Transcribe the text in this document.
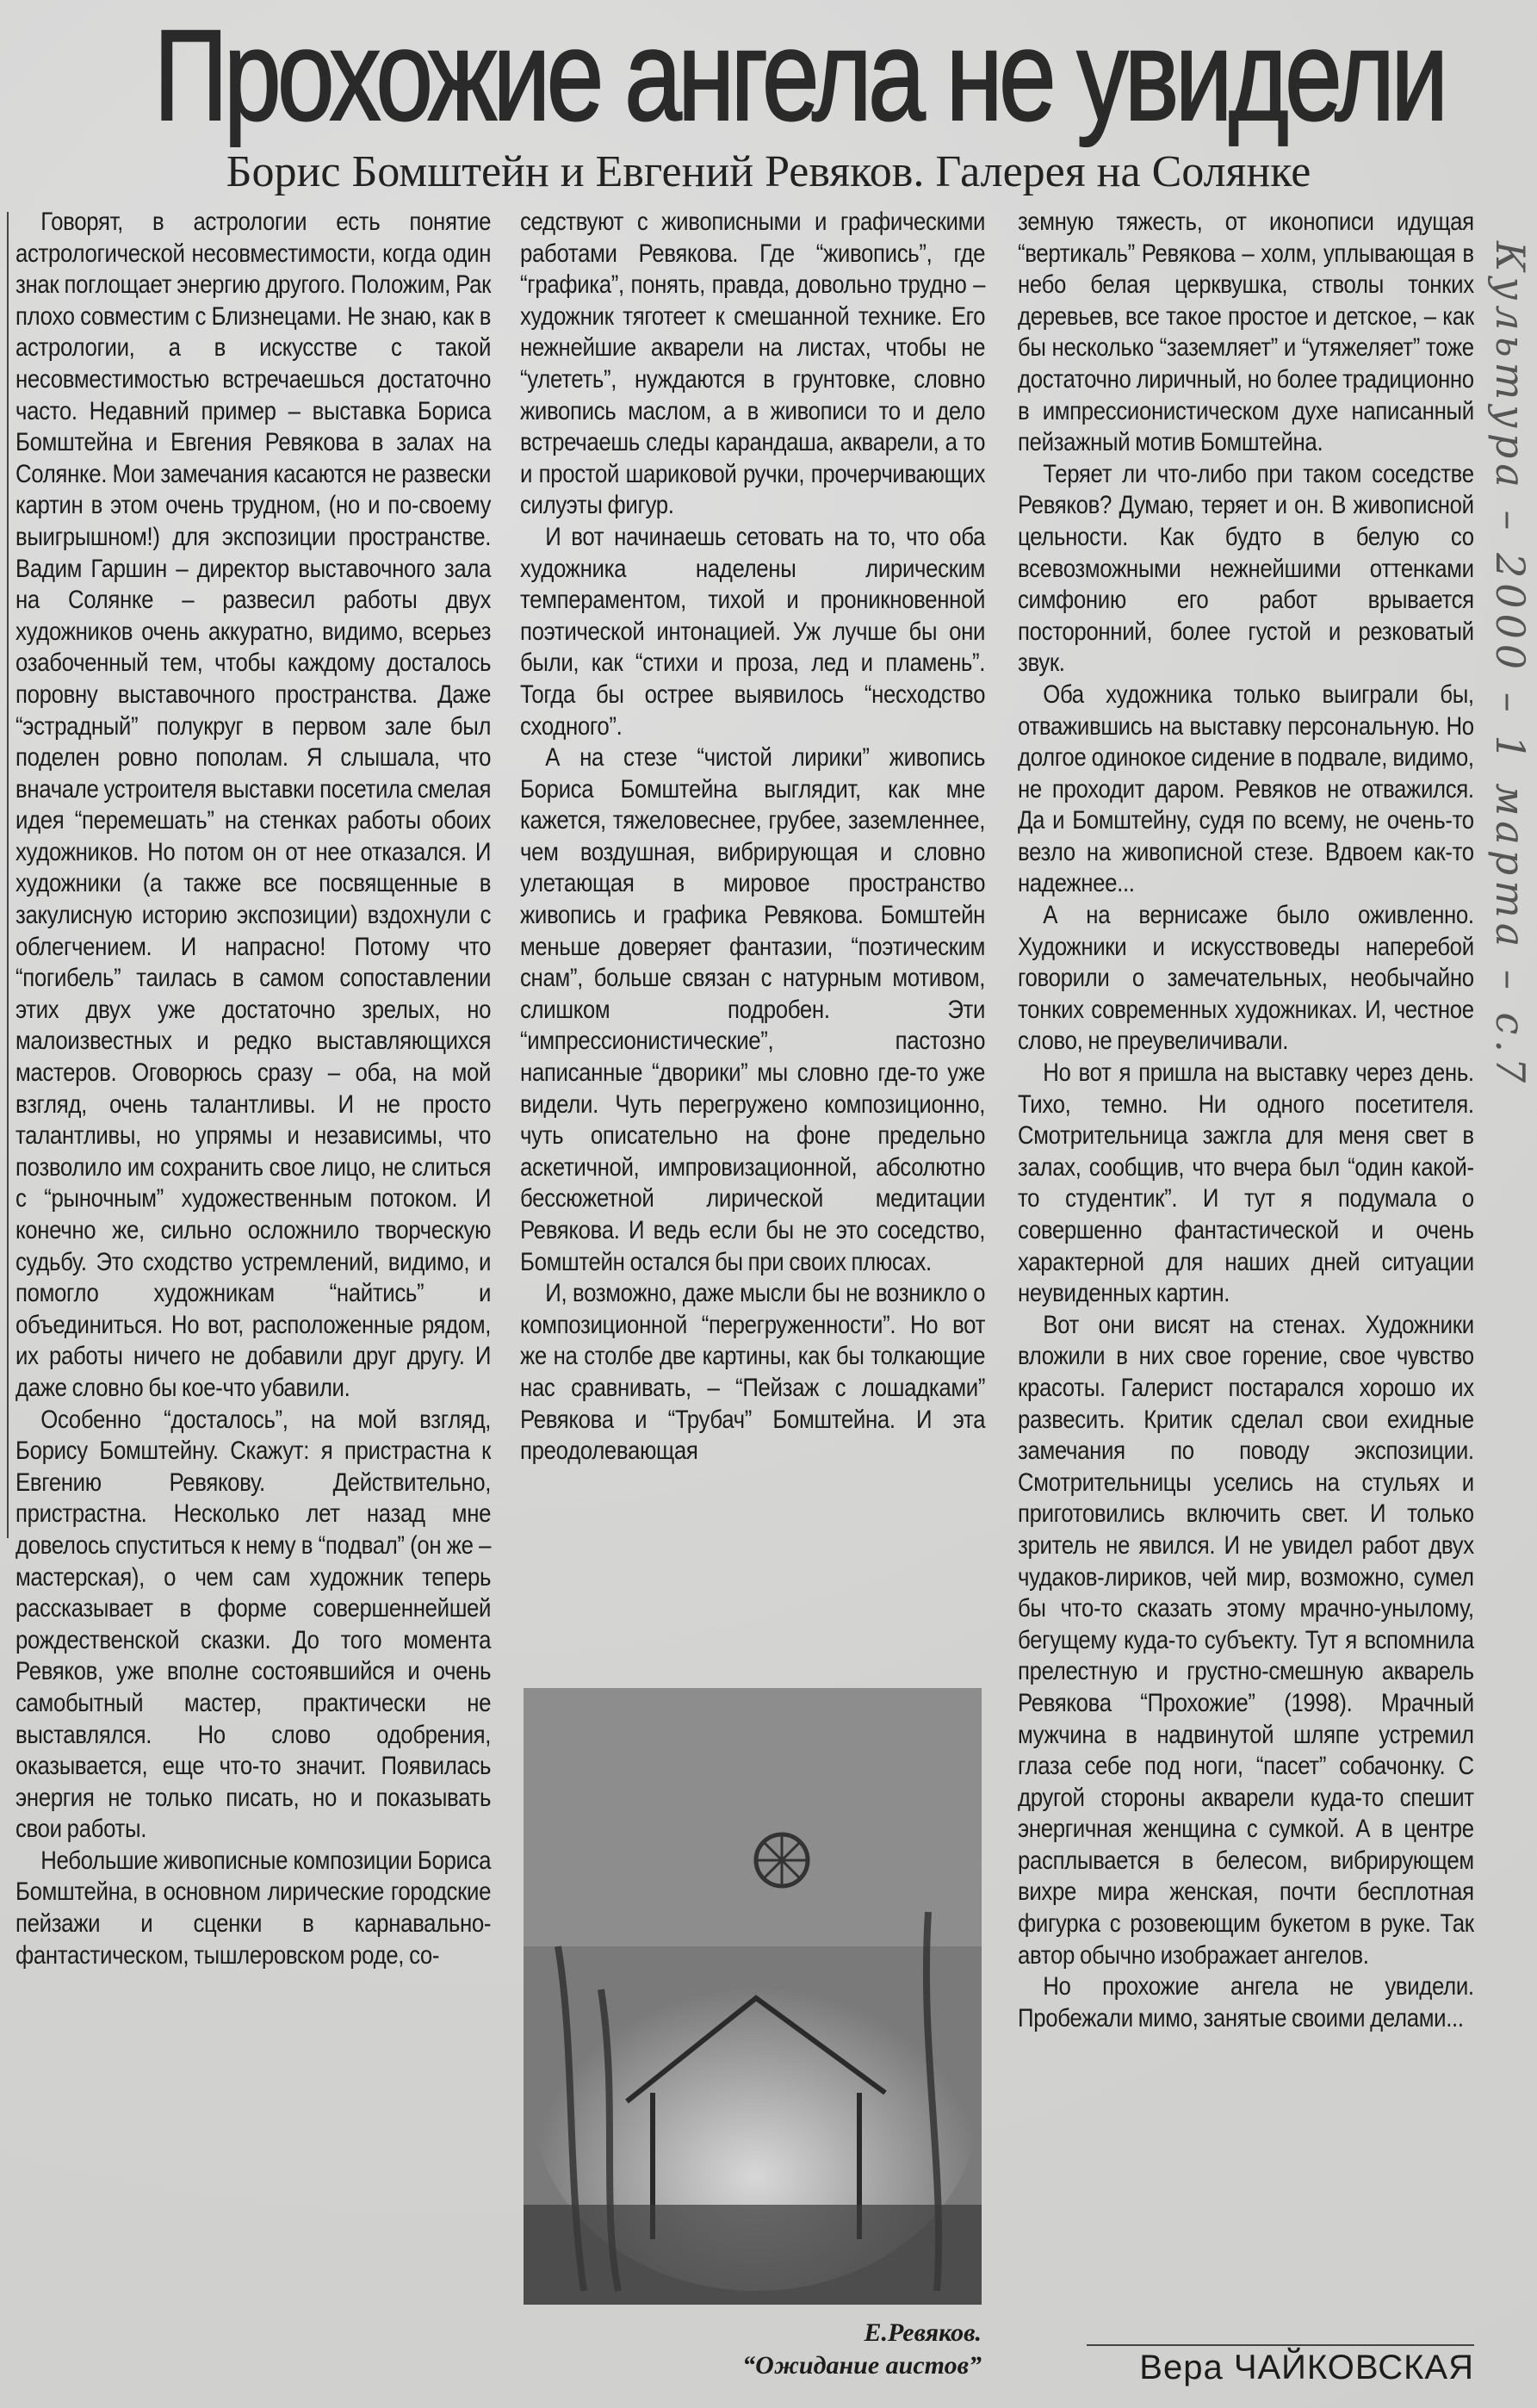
Прохожие ангела не увидели
Борис Бомштейн и Евгений Ревяков. Галерея на Солянке

Говорят, в астрологии есть понятие астрологической несовместимости, когда один знак поглощает энергию другого. Положим, Рак плохо совместим с Близнецами. Не знаю, как в астрологии, а в искусстве с такой несовместимостью встречаешься достаточно часто. Недавний пример – выставка Бориса Бомштейна и Евгения Ревякова в залах на Солянке. Мои замечания касаются не развески картин в этом очень трудном, (но и по-своему выигрышном!) для экспозиции пространстве. Вадим Гаршин – директор выставочного зала на Солянке – развесил работы двух художников очень аккуратно, видимо, всерьез озабоченный тем, чтобы каждому досталось поровну выставочного пространства. Даже “эстрадный” полукруг в первом зале был поделен ровно пополам. Я слышала, что вначале устроителя выставки посетила смелая идея “перемешать” на стенках работы обоих художников. Но потом он от нее отказался. И художники (а также все посвященные в закулисную историю экспозиции) вздохнули с облегчением. И напрасно! Потому что “погибель” таилась в самом сопоставлении этих двух уже достаточно зрелых, но малоизвестных и редко выставляющихся мастеров. Оговорюсь сразу – оба, на мой взгляд, очень талантливы. И не просто талантливы, но упрямы и независимы, что позволило им сохранить свое лицо, не слиться с “рыночным” художественным потоком. И конечно же, сильно осложнило творческую судьбу. Это сходство устремлений, видимо, и помогло художникам “найтись” и объединиться. Но вот, расположенные рядом, их работы ничего не добавили друг другу. И даже словно бы кое-что убавили.

Особенно “досталось”, на мой взгляд, Борису Бомштейну. Скажут: я пристрастна к Евгению Ревякову. Действительно, пристрастна. Несколько лет назад мне довелось спуститься к нему в “подвал” (он же – мастерская), о чем сам художник теперь рассказывает в форме совершеннейшей рождественской сказки. До того момента Ревяков, уже вполне состоявшийся и очень самобытный мастер, практически не выставлялся. Но слово одобрения, оказывается, еще что-то значит. Появилась энергия не только писать, но и показывать свои работы.

Небольшие живописные композиции Бориса Бомштейна, в основном лирические городские пейзажи и сценки в карнавально-фантастическом, тышлеровском роде, со-

седствуют с живописными и графическими работами Ревякова. Где “живопись”, где “графика”, понять, правда, довольно трудно – художник тяготеет к смешанной технике. Его нежнейшие акварели на листах, чтобы не “улететь”, нуждаются в грунтовке, словно живопись маслом, а в живописи то и дело встречаешь следы карандаша, акварели, а то и простой шариковой ручки, прочерчивающих силуэты фигур.

И вот начинаешь сетовать на то, что оба художника наделены лирическим темпераментом, тихой и проникновенной поэтической интонацией. Уж лучше бы они были, как “стихи и проза, лед и пламень”. Тогда бы острее выявилось “несходство сходного”.

А на стезе “чистой лирики” живопись Бориса Бомштейна выглядит, как мне кажется, тяжеловеснее, грубее, заземленнее, чем воздушная, вибрирующая и словно улетающая в мировое пространство живопись и графика Ревякова. Бомштейн меньше доверяет фантазии, “поэтическим снам”, больше связан с натурным мотивом, слишком подробен. Эти “импрессионистические”, пастозно написанные “дворики” мы словно где-то уже видели. Чуть перегружено композиционно, чуть описательно на фоне предельно аскетичной, импровизационной, абсолютно бессюжетной лирической медитации Ревякова. И ведь если бы не это соседство, Бомштейн остался бы при своих плюсах.

И, возможно, даже мысли бы не возникло о композиционной “перегруженности”. Но вот же на столбе две картины, как бы толкающие нас сравнивать, – “Пейзаж с лошадками” Ревякова и “Трубач” Бомштейна. И эта преодолевающая

земную тяжесть, от иконописи идущая “вертикаль” Ревякова – холм, уплывающая в небо белая церквушка, стволы тонких деревьев, все такое простое и детское, – как бы несколько “заземляет” и “утяжеляет” тоже достаточно лиричный, но более традиционно в импрессионистическом духе написанный пейзажный мотив Бомштейна.

Теряет ли что-либо при таком соседстве Ревяков? Думаю, теряет и он. В живописной цельности. Как будто в белую со всевозможными нежнейшими оттенками симфонию его работ врывается посторонний, более густой и резковатый звук.

Оба художника только выиграли бы, отважившись на выставку персональную. Но долгое одинокое сидение в подвале, видимо, не проходит даром. Ревяков не отважился. Да и Бомштейну, судя по всему, не очень-то везло на живописной стезе. Вдвоем как-то надежнее...

А на вернисаже было оживленно. Художники и искусствоведы наперебой говорили о замечательных, необычайно тонких современных художниках. И, честное слово, не преувеличивали.

Но вот я пришла на выставку через день. Тихо, темно. Ни одного посетителя. Смотрительница зажгла для меня свет в залах, сообщив, что вчера был “один какой-то студентик”. И тут я подумала о совершенно фантастической и очень характерной для наших дней ситуации неувиденных картин.

Вот они висят на стенах. Художники вложили в них свое горение, свое чувство красоты. Галерист постарался хорошо их развесить. Критик сделал свои ехидные замечания по поводу экспозиции. Смотрительницы уселись на стульях и приготовились включить свет. И только зритель не явился. И не увидел работ двух чудаков-лириков, чей мир, возможно, сумел бы что-то сказать этому мрачно-унылому, бегущему куда-то субъекту. Тут я вспомнила прелестную и грустно-смешную акварель Ревякова “Прохожие” (1998). Мрачный мужчина в надвинутой шляпе устремил глаза себе под ноги, “пасет” собачонку. С другой стороны акварели куда-то спешит энергичная женщина с сумкой. А в центре расплывается в белесом, вибрирующем вихре мира женская, почти бесплотная фигурка с розовеющим букетом в руке. Так автор обычно изображает ангелов.

Но прохожие ангела не увидели. Пробежали мимо, занятые своими делами...

Е.Ревяков.
“Ожидание аистов”	Вера ЧАЙКОВСКАЯ
Культура – 2000 – 1 марта – с.7
